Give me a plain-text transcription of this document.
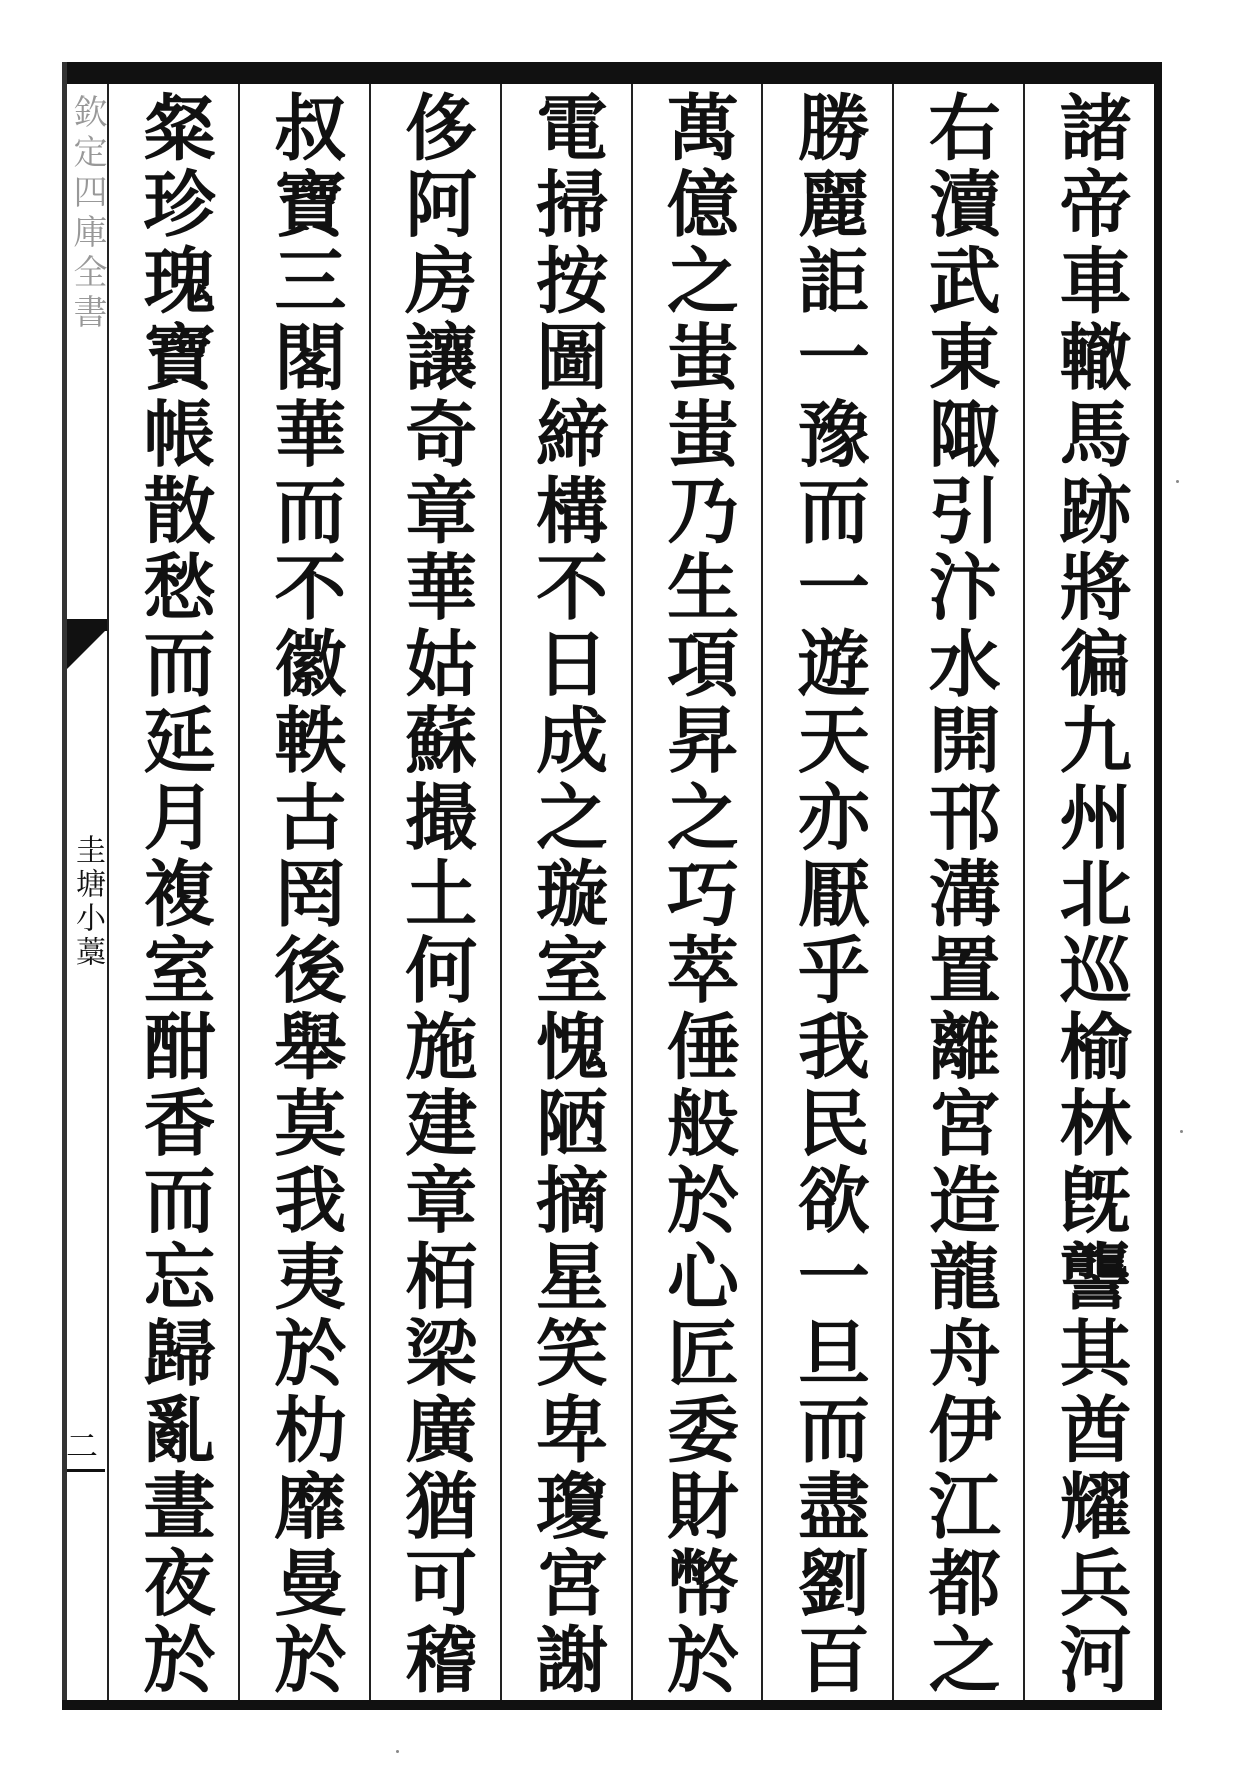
欽定四庫全書
圭塘小藁
二	諸帝車轍馬跡將徧九州北巡榆林旣讋其酋耀兵河
右瀆武東陬引汴水開邗溝置離宮造龍舟伊江都之
勝麗詎一豫而一遊天亦厭乎我民欲一旦而盡劉百
萬億之蚩蚩乃生項昇之巧萃倕般於心匠委財幣於
電掃按圖締構不日成之璇室愧陋摘星笑卑瓊宮謝
侈阿房讓奇章華姑蘇撮土何施建章栢梁廣猶可稽
叔寶三閣華而不徽軼古罔後舉莫我夷於朸靡曼於
粲珍瑰寶帳散愁而延月複室酣香而忘歸亂晝夜於
